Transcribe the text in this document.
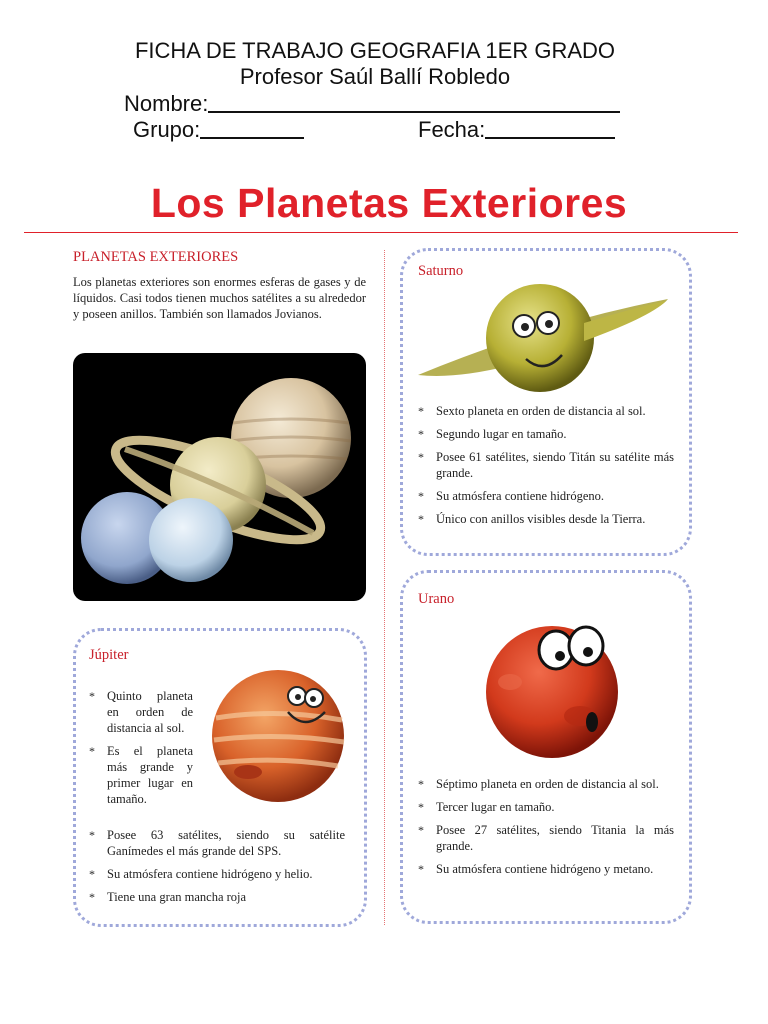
FICHA DE TRABAJO GEOGRAFIA 1ER GRADO
Profesor Saúl Ballí Robledo
Nombre:
Grupo:	Fecha:
Los Planetas Exteriores
PLANETAS EXTERIORES
Los planetas exteriores son enormes esferas de gases y de líquidos. Casi todos tienen muchos satélites a su alrededor y poseen anillos. También son llamados Jovianos.
Júpiter
* Quinto planeta en orden de distancia al sol.
* Es el planeta más grande y primer lugar en tamaño.
* Posee 63 satélites, siendo su satélite Ganímedes el más grande del SPS.
* Su atmósfera contiene hidrógeno y helio.
* Tiene una gran mancha roja
Saturno
* Sexto planeta en orden de distancia al sol.
* Segundo lugar en tamaño.
* Posee 61 satélites, siendo Titán su satélite más grande.
* Su atmósfera contiene hidrógeno.
* Único con anillos visibles desde la Tierra.
Urano
* Séptimo planeta en orden de distancia al sol.
* Tercer lugar en tamaño.
* Posee 27 satélites, siendo Titania la más grande.
* Su atmósfera contiene hidrógeno y metano.
